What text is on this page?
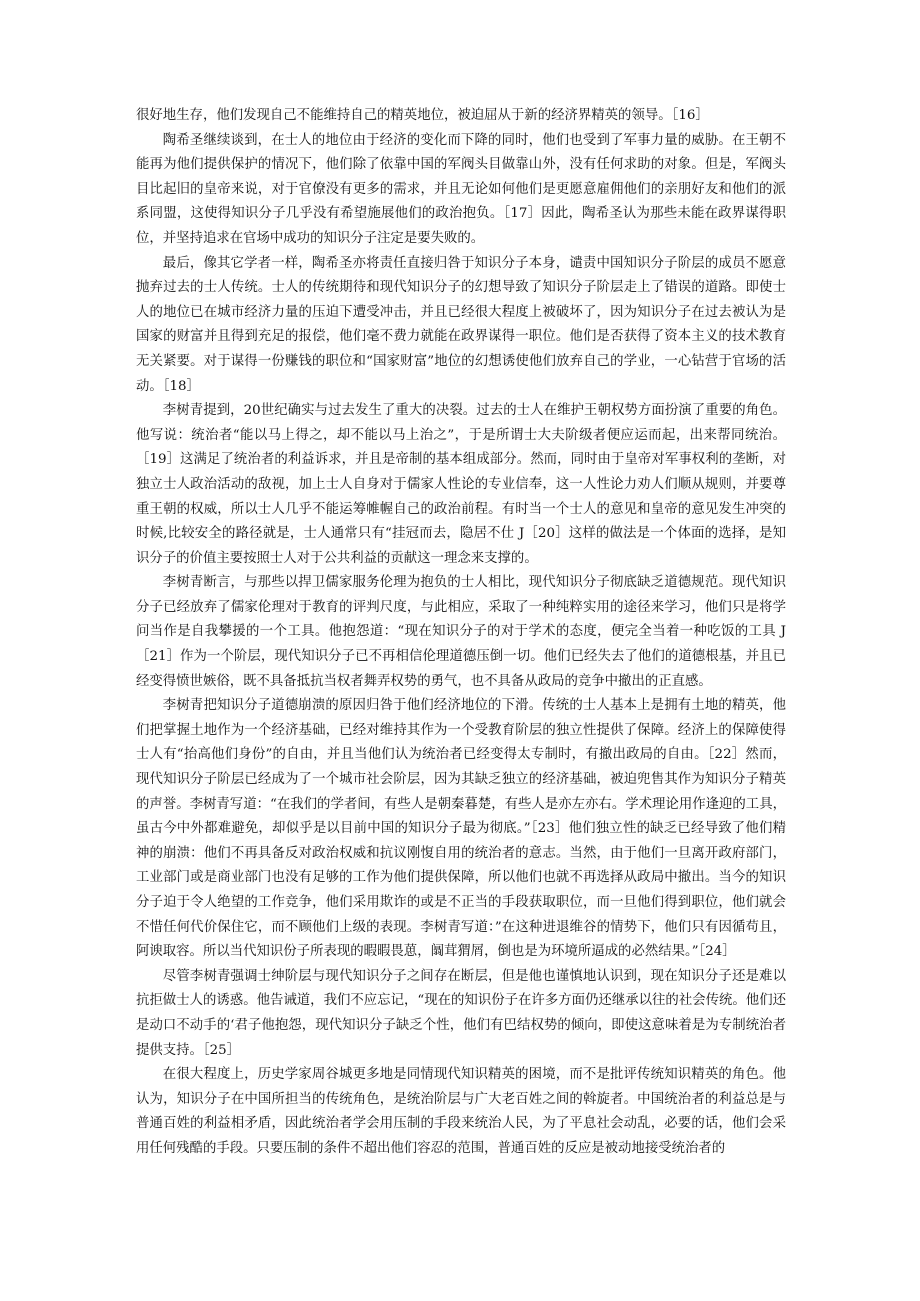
很好地生存，他们发现自己不能维持自己的精英地位，被迫屈从于新的经济界精英的领导。［16］

陶希圣继续谈到，在士人的地位由于经济的变化而下降的同时，他们也受到了军事力量的威胁。在王朝不能再为他们提供保护的情况下，他们除了依靠中国的军阀头目做靠山外，没有任何求助的对象。但是，军阀头目比起旧的皇帝来说，对于官僚没有更多的需求，并且无论如何他们是更愿意雇佣他们的亲朋好友和他们的派系同盟，这使得知识分子几乎没有希望施展他们的政治抱负。［17］因此，陶希圣认为那些未能在政界谋得职位，并坚持追求在官场中成功的知识分子注定是要失败的。

最后，像其它学者一样，陶希圣亦将责任直接归咎于知识分子本身，谴责中国知识分子阶层的成员不愿意抛弃过去的士人传统。士人的传统期待和现代知识分子的幻想导致了知识分子阶层走上了错误的道路。即使士人的地位已在城市经济力量的压迫下遭受冲击，并且已经很大程度上被破坏了，因为知识分子在过去被认为是国家的财富并且得到充足的报偿，他们毫不费力就能在政界谋得一职位。他们是否获得了资本主义的技术教育无关紧要。对于谋得一份赚钱的职位和“国家财富”地位的幻想诱使他们放弃自己的学业，一心钻营于官场的活动。［18］

李树青提到，20世纪确实与过去发生了重大的决裂。过去的士人在维护王朝权势方面扮演了重要的角色。他写说：统治者“能以马上得之，却不能以马上治之”，于是所谓士大夫阶级者便应运而起，出来帮同统治。［19］这满足了统治者的利益诉求，并且是帝制的基本组成部分。然而，同时由于皇帝对军事权利的垄断，对独立士人政治活动的敌视，加上士人自身对于儒家人性论的专业信奉，这一人性论力劝人们顺从规则，并要尊重王朝的权威，所以士人几乎不能运筹帷幄自己的政治前程。有时当一个士人的意见和皇帝的意见发生冲突的时候,比较安全的路径就是，士人通常只有“挂冠而去，隐居不仕 J［20］这样的做法是一个体面的选择，是知识分子的价值主要按照士人对于公共利益的贡献这一理念来支撑的。

李树青断言，与那些以捍卫儒家服务伦理为抱负的士人相比，现代知识分子彻底缺乏道德规范。现代知识分子已经放弃了儒家伦理对于教育的评判尺度，与此相应，采取了一种纯粹实用的途径来学习，他们只是将学问当作是自我攀援的一个工具。他抱怨道：“现在知识分子的对于学术的态度，便完全当着一种吃饭的工具 J［21］作为一个阶层，现代知识分子已不再相信伦理道德压倒一切。他们已经失去了他们的道德根基，并且已经变得愤世嫉俗，既不具备抵抗当权者舞弄权势的勇气，也不具备从政局的竞争中撤出的正直感。

李树青把知识分子道德崩溃的原因归咎于他们经济地位的下滑。传统的士人基本上是拥有土地的精英，他们把掌握土地作为一个经济基础，已经对维持其作为一个受教育阶层的独立性提供了保障。经济上的保障使得士人有“抬高他们身份”的自由，并且当他们认为统治者已经变得太专制时，有撤出政局的自由。［22］然而，现代知识分子阶层已经成为了一个城市社会阶层，因为其缺乏独立的经济基础，被迫兜售其作为知识分子精英的声誉。李树青写道：“在我们的学者间，有些人是朝秦暮楚，有些人是亦左亦右。学术理论用作逢迎的工具，虽古今中外都难避免，却似乎是以目前中国的知识分子最为彻底。”［23］他们独立性的缺乏已经导致了他们精神的崩溃：他们不再具备反对政治权威和抗议刚愎自用的统治者的意志。当然，由于他们一旦离开政府部门，工业部门或是商业部门也没有足够的工作为他们提供保障，所以他们也就不再选择从政局中撤出。当今的知识分子迫于令人绝望的工作竞争，他们采用欺诈的或是不正当的手段获取职位，而一旦他们得到职位，他们就会不惜任何代价保住它，而不顾他们上级的表现。李树青写道：”在这种进退维谷的情势下，他们只有因循苟且，阿谀取容。所以当代知识份子所表现的暇暇畏葸，阘茸猬屑，倒也是为环境所逼成的必然结果。”［24］

尽管李树青强调士绅阶层与现代知识分子之间存在断层，但是他也谨慎地认识到，现在知识分子还是难以抗拒做士人的诱惑。他告诫道，我们不应忘记，“现在的知识份子在许多方面仍还继承以往的社会传统。他们还是动口不动手的‘君子他抱怨，现代知识分子缺乏个性，他们有巴结权势的倾向，即使这意味着是为专制统治者提供支持。［25］

在很大程度上，历史学家周谷城更多地是同情现代知识精英的困境，而不是批评传统知识精英的角色。他认为，知识分子在中国所担当的传统角色，是统治阶层与广大老百姓之间的斡旋者。中国统治者的利益总是与普通百姓的利益相矛盾，因此统治者学会用压制的手段来统治人民，为了平息社会动乱，必要的话，他们会采用任何残酷的手段。只要压制的条件不超出他们容忍的范围，普通百姓的反应是被动地接受统治者的
